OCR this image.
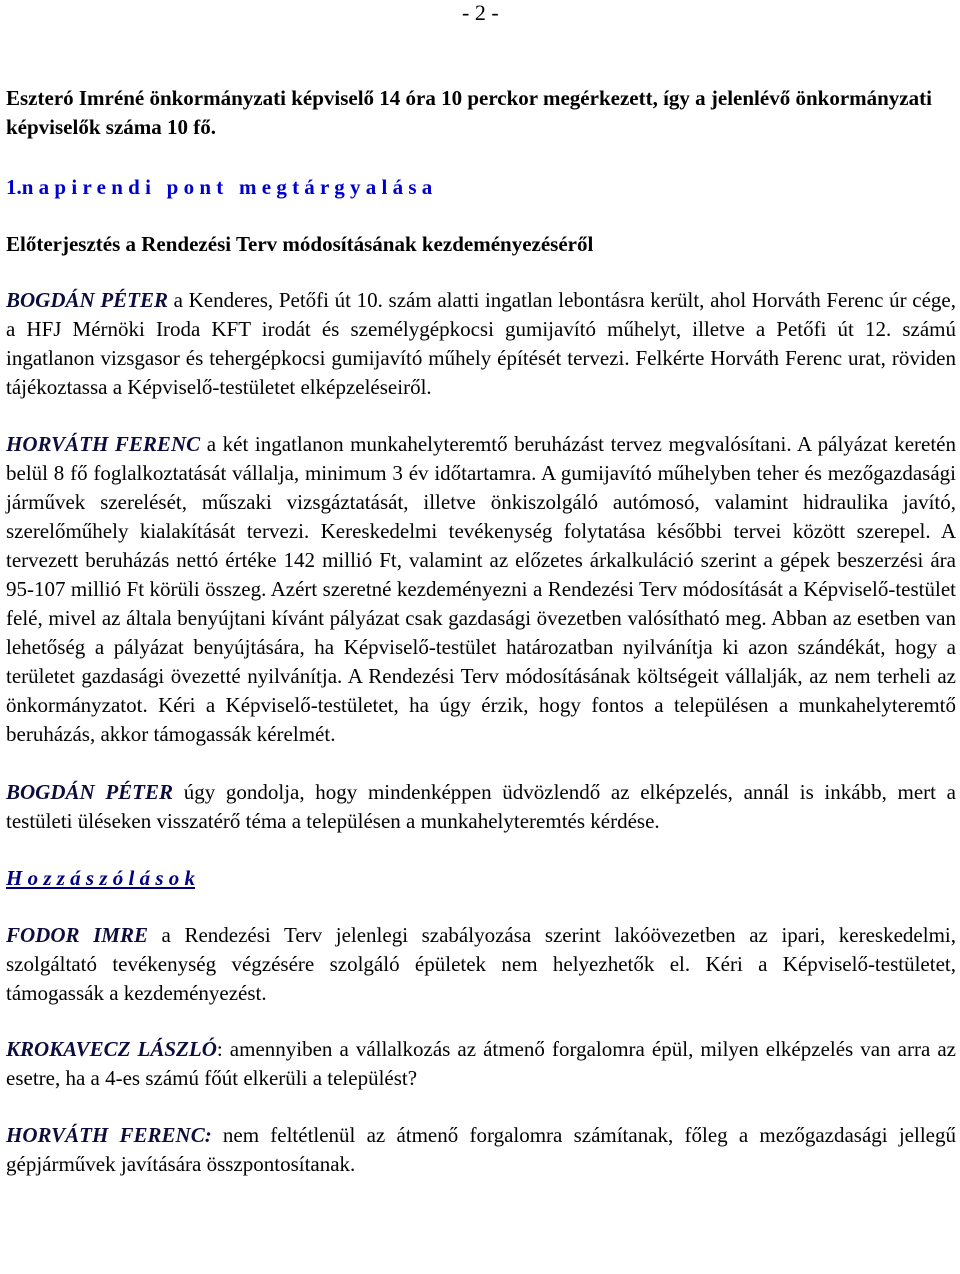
- 2 -

Eszteró Imréné önkormányzati képviselő 14 óra 10 perckor megérkezett, így a jelenlévő önkormányzati képviselők száma 10 fő.

1.n a p i r e n d i   p o n t   m e g t á r g y a l á s a

Előterjesztés a Rendezési Terv módosításának kezdeményezéséről

BOGDÁN PÉTER a Kenderes, Petőfi út 10. szám alatti ingatlan lebontásra került, ahol Horváth Ferenc úr cége, a HFJ Mérnöki Iroda KFT irodát és személygépkocsi gumijavító műhelyt, illetve a Petőfi út 12. számú ingatlanon vizsgasor és tehergépkocsi gumijavító műhely építését tervezi. Felkérte Horváth Ferenc urat, röviden tájékoztassa a Képviselő-testületet elképzeléseiről.

HORVÁTH FERENC a két ingatlanon munkahelyteremtő beruházást tervez megvalósítani. A pályázat keretén belül 8 fő foglalkoztatását vállalja, minimum 3 év időtartamra. A gumijavító műhelyben teher és mezőgazdasági járművek szerelését, műszaki vizsgáztatását, illetve önkiszolgáló autómosó, valamint hidraulika javító, szerelőműhely kialakítását tervezi. Kereskedelmi tevékenység folytatása későbbi tervei között szerepel. A tervezett beruházás nettó értéke 142 millió Ft, valamint az előzetes árkalkuláció szerint a gépek beszerzési ára 95-107 millió Ft körüli összeg. Azért szeretné kezdeményezni a Rendezési Terv módosítását a Képviselő-testület felé, mivel az általa benyújtani kívánt pályázat csak gazdasági övezetben valósítható meg. Abban az esetben van lehetőség a pályázat benyújtására, ha Képviselő-testület határozatban nyilvánítja ki azon szándékát, hogy a területet gazdasági övezetté nyilvánítja. A Rendezési Terv módosításának költségeit vállalják, az nem terheli az önkormányzatot. Kéri a Képviselő-testületet, ha úgy érzik, hogy fontos a településen a munkahelyteremtő beruházás, akkor támogassák kérelmét.

BOGDÁN PÉTER úgy gondolja, hogy mindenképpen üdvözlendő az elképzelés, annál is inkább, mert a testületi üléseken visszatérő téma a településen a munkahelyteremtés kérdése.

H o z z á s z ó l á s o k

FODOR IMRE a Rendezési Terv jelenlegi szabályozása szerint lakóövezetben az ipari, kereskedelmi, szolgáltató tevékenység végzésére szolgáló épületek nem helyezhetők el. Kéri a Képviselő-testületet, támogassák a kezdeményezést.

KROKAVECZ LÁSZLÓ: amennyiben a vállalkozás az átmenő forgalomra épül, milyen elképzelés van arra az esetre, ha a 4-es számú főút elkerüli a települést?

HORVÁTH FERENC: nem feltétlenül az átmenő forgalomra számítanak, főleg a mezőgazdasági jellegű gépjárművek javítására összpontosítanak.
